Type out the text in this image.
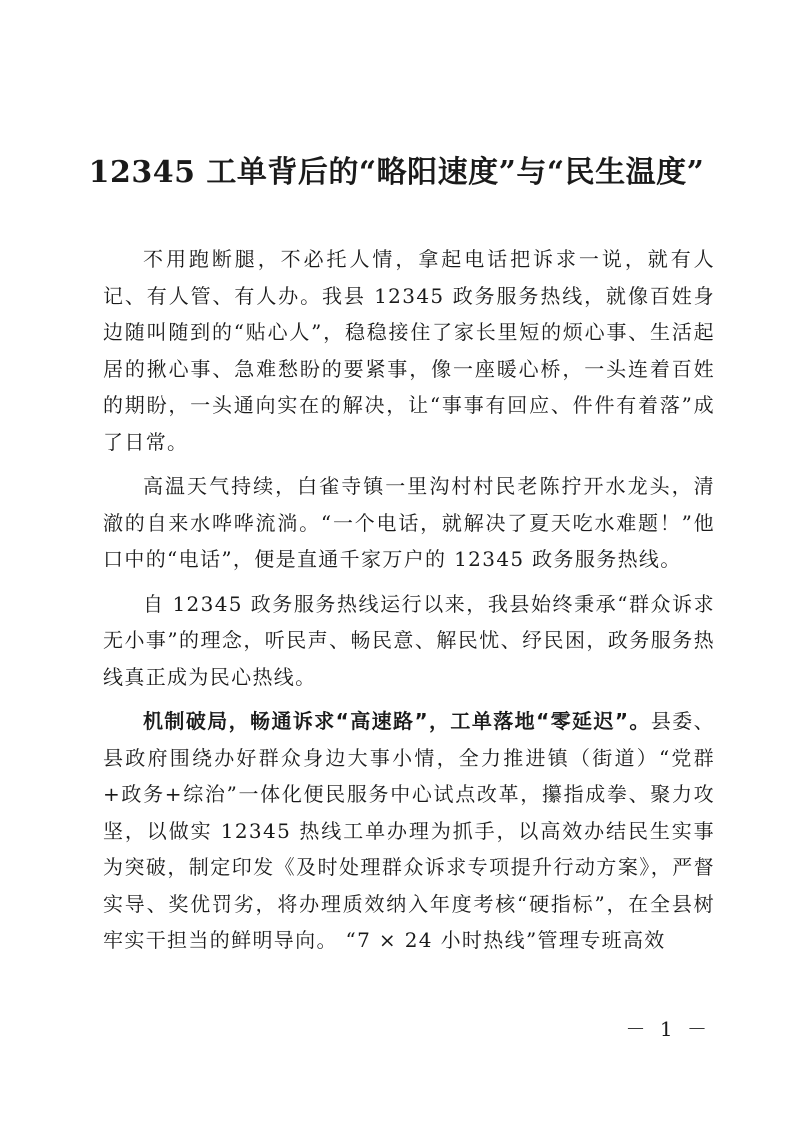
12345 工单背后的“略阳速度”与“民生温度”

不用跑断腿，不必托人情，拿起电话把诉求一说，就有人记、有人管、有人办。我县 12345 政务服务热线，就像百姓身边随叫随到的“贴心人”，稳稳接住了家长里短的烦心事、生活起居的揪心事、急难愁盼的要紧事，像一座暖心桥，一头连着百姓的期盼，一头通向实在的解决，让“事事有回应、件件有着落”成了日常。

高温天气持续，白雀寺镇一里沟村村民老陈拧开水龙头，清澈的自来水哗哗流淌。“一个电话，就解决了夏天吃水难题！”他口中的“电话”，便是直通千家万户的 12345 政务服务热线。

自 12345 政务服务热线运行以来，我县始终秉承“群众诉求无小事”的理念，听民声、畅民意、解民忧、纾民困，政务服务热线真正成为民心热线。

机制破局，畅通诉求“高速路”，工单落地“零延迟”。县委、县政府围绕办好群众身边大事小情，全力推进镇（街道）“党群+政务+综治”一体化便民服务中心试点改革，攥指成拳、聚力攻坚，以做实 12345 热线工单办理为抓手，以高效办结民生实事为突破，制定印发《及时处理群众诉求专项提升行动方案》，严督实导、奖优罚劣，将办理质效纳入年度考核“硬指标”，在全县树牢实干担当的鲜明导向。 “7 × 24 小时热线”管理专班高效

－ 1 －
